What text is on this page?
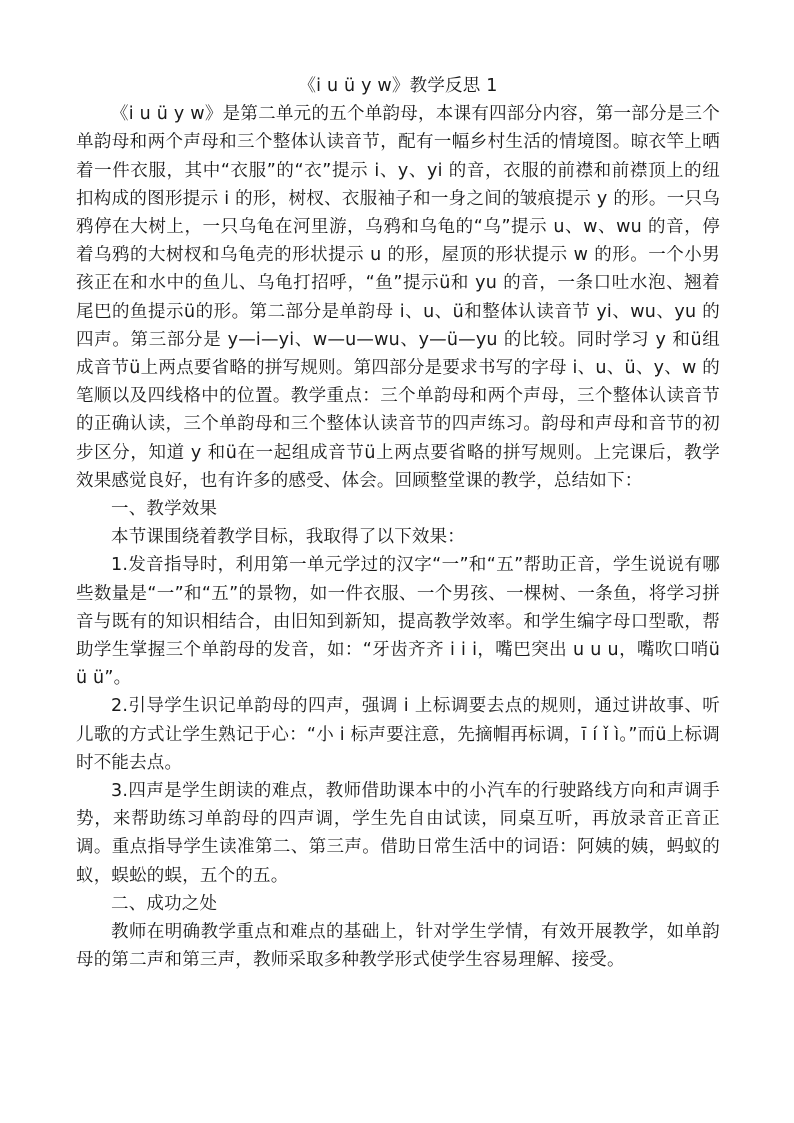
《i u ü y w》教学反思 1

《i u ü y w》是第二单元的五个单韵母，本课有四部分内容，第一部分是三个单韵母和两个声母和三个整体认读音节，配有一幅乡村生活的情境图。晾衣竿上晒着一件衣服，其中“衣服”的“衣”提示 i、y、yi 的音，衣服的前襟和前襟顶上的纽扣构成的图形提示 i 的形，树杈、衣服袖子和一身之间的皱痕提示 y 的形。一只乌鸦停在大树上，一只乌龟在河里游，乌鸦和乌龟的“乌”提示 u、w、wu 的音，停着乌鸦的大树杈和乌龟壳的形状提示 u 的形，屋顶的形状提示 w 的形。一个小男孩正在和水中的鱼儿、乌龟打招呼，“鱼”提示ü和 yu 的音，一条口吐水泡、翘着尾巴的鱼提示ü的形。第二部分是单韵母 i、u、ü和整体认读音节 yi、wu、yu 的四声。第三部分是 y—i—yi、w—u—wu、y—ü—yu 的比较。同时学习 y 和ü组成音节ü上两点要省略的拼写规则。第四部分是要求书写的字母 i、u、ü、y、w 的笔顺以及四线格中的位置。教学重点：三个单韵母和两个声母，三个整体认读音节的正确认读，三个单韵母和三个整体认读音节的四声练习。韵母和声母和音节的初步区分，知道 y 和ü在一起组成音节ü上两点要省略的拼写规则。上完课后，教学效果感觉良好，也有许多的感受、体会。回顾整堂课的教学，总结如下：

一、教学效果

本节课围绕着教学目标，我取得了以下效果：

1.发音指导时，利用第一单元学过的汉字“一”和“五”帮助正音，学生说说有哪些数量是“一”和“五”的景物，如一件衣服、一个男孩、一棵树、一条鱼，将学习拼音与既有的知识相结合，由旧知到新知，提高教学效率。和学生编字母口型歌，帮助学生掌握三个单韵母的发音，如：“牙齿齐齐 i i i，嘴巴突出 u u u，嘴吹口哨ü ü ü”。

2.引导学生识记单韵母的四声，强调 i 上标调要去点的规则，通过讲故事、听儿歌的方式让学生熟记于心：“小 i 标声要注意，先摘帽再标调，ī í ǐ ì。”而ü上标调时不能去点。

3.四声是学生朗读的难点，教师借助课本中的小汽车的行驶路线方向和声调手势，来帮助练习单韵母的四声调，学生先自由试读，同桌互听，再放录音正音正调。重点指导学生读准第二、第三声。借助日常生活中的词语：阿姨的姨，蚂蚁的蚁，蜈蚣的蜈，五个的五。

二、成功之处

教师在明确教学重点和难点的基础上，针对学生学情，有效开展教学，如单韵母的第二声和第三声，教师采取多种教学形式使学生容易理解、接受。
